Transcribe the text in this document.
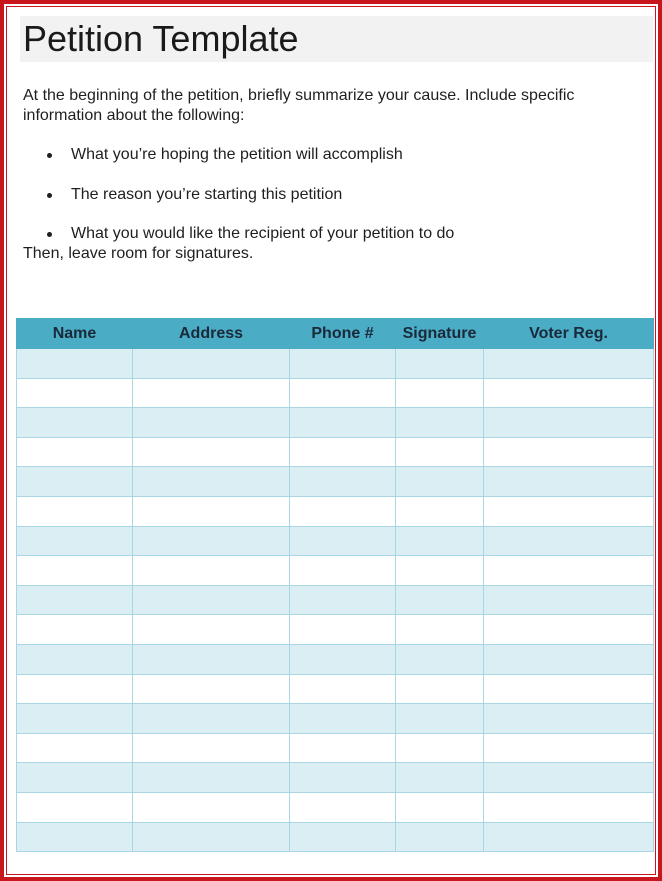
Petition Template

At the beginning of the petition, briefly summarize your cause. Include specific information about the following:

What you’re hoping the petition will accomplish
The reason you’re starting this petition
What you would like the recipient of your petition to do

Then, leave room for signatures.

Name	Address	Phone #	Signature	Voter Reg.
